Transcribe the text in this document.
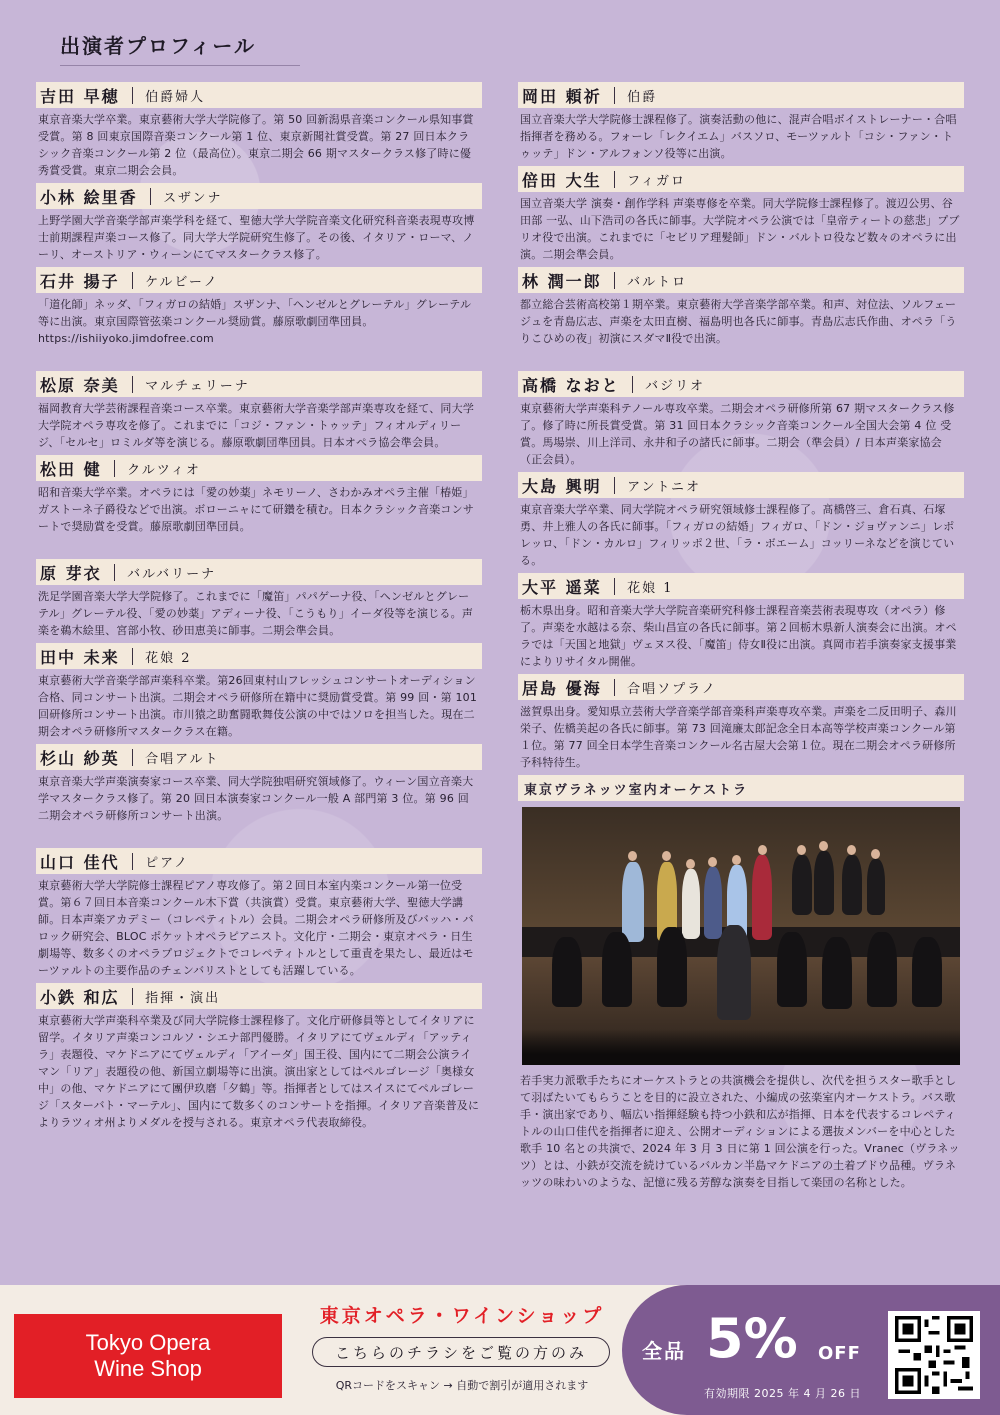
出演者プロフィール
吉田 早穂 伯爵婦人
東京音楽大学卒業。東京藝術大学大学院修了。第 50 回新潟県音楽コンクール県知事賞受賞。第 8 回東京国際音楽コンクール第 1 位、東京新聞社賞受賞。第 27 回日本クラシック音楽コンクール第 2 位（最高位）。東京二期会 66 期マスタークラス修了時に優秀賞受賞。東京二期会会員。
小林 絵里香 スザンナ
上野学園大学音楽学部声楽学科を経て、聖徳大学大学院音楽文化研究科音楽表現専攻博士前期課程声楽コース修了。同大学大学院研究生修了。その後、イタリア・ローマ、ノーリ、オーストリア・ウィーンにてマスタークラス修了。
石井 揚子 ケルビーノ
「道化師」ネッダ、「フィガロの結婚」スザンナ、「ヘンゼルとグレーテル」グレーテル等に出演。東京国際管弦楽コンクール奨励賞。藤原歌劇団準団員。https://ishiiyoko.jimdofree.com
松原 奈美 マルチェリーナ
福岡教育大学芸術課程音楽コース卒業。東京藝術大学音楽学部声楽専攻を経て、同大学大学院オペラ専攻を修了。これまでに「コジ・ファン・トゥッテ」フィオルディリージ、「セルセ」ロミルダ等を演じる。藤原歌劇団準団員。日本オペラ協会準会員。
松田 健 クルツィオ
昭和音楽大学卒業。オペラには「愛の妙薬」ネモリーノ、さわかみオペラ主催「椿姫」ガストーネ子爵役などで出演。ボローニャにて研鑽を積む。日本クラシック音楽コンサートで奨励賞を受賞。藤原歌劇団準団員。
原 芽衣 バルバリーナ
洗足学園音楽大学大学院修了。これまでに「魔笛」パパゲーナ役、「ヘンゼルとグレーテル」グレーテル役、「愛の妙薬」アディーナ役、「こうもり」イーダ役等を演じる。声楽を鵜木絵里、宮部小牧、砂田恵美に師事。二期会準会員。
田中 未来 花娘 2
東京藝術大学音楽学部声楽科卒業。第26回東村山フレッシュコンサートオーディション合格、同コンサート出演。二期会オペラ研修所在籍中に奨励賞受賞。第 99 回・第 101 回研修所コンサート出演。市川猿之助奮闘歌舞伎公演の中ではソロを担当した。現在二期会オペラ研修所マスタークラス在籍。
杉山 紗英 合唱アルト
東京音楽大学声楽演奏家コース卒業、同大学院独唱研究領域修了。ウィーン国立音楽大学マスタークラス修了。第 20 回日本演奏家コンクール一般 A 部門第 3 位。第 96 回二期会オペラ研修所コンサート出演。
山口 佳代 ピアノ
東京藝術大学大学院修士課程ピアノ専攻修了。第２回日本室内楽コンクール第一位受賞。第６７回日本音楽コンクール木下賞（共演賞）受賞。東京藝術大学、聖徳大学講師。日本声楽アカデミー（コレペティトル）会員。二期会オペラ研修所及びバッハ・バロック研究会、BLOC ポケットオペラピアニスト。文化庁・二期会・東京オペラ・日生劇場等、数多くのオペラプロジェクトでコレペティトルとして重責を果たし、最近はモーツァルトの主要作品のチェンバリストとしても活躍している。
小鉄 和広 指揮・演出
東京藝術大学声楽科卒業及び同大学院修士課程修了。文化庁研修員等としてイタリアに留学。イタリア声楽コンコルソ・シエナ部門優勝。イタリアにてヴェルディ「アッティラ」表題役、マケドニアにてヴェルディ「アイーダ」国王役、国内にて二期会公演ライマン「リア」表題役の他、新国立劇場等に出演。演出家としてはペルゴレージ「奥様女中」の他、マケドニアにて團伊玖磨「夕鶴」等。指揮者としてはスイスにてペルゴレージ「スターバト・マーテル」、国内にて数多くのコンサートを指揮。イタリア音楽普及によりラツィオ州よりメダルを授与される。東京オペラ代表取締役。
岡田 頼祈 伯爵
国立音楽大学大学院修士課程修了。演奏活動の他に、混声合唱ボイストレーナー・合唱指揮者を務める。フォーレ「レクイエム」バスソロ、モーツァルト「コシ・ファン・トゥッテ」ドン・アルフォンソ役等に出演。
倍田 大生 フィガロ
国立音楽大学 演奏・創作学科 声楽専修を卒業。同大学院修士課程修了。渡辺公男、谷田部 一弘、山下浩司の各氏に師事。大学院オペラ公演では「皇帝ティートの慈悲」プブリオ役で出演。これまでに「セビリア理髪師」ドン・バルトロ役など数々のオペラに出演。二期会準会員。
林 潤一郎 バルトロ
都立総合芸術高校第１期卒業。東京藝術大学音楽学部卒業。和声、対位法、ソルフェージュを青島広志、声楽を太田直樹、福島明也各氏に師事。青島広志氏作曲、オペラ「うりこひめの夜」初演にスダマⅡ役で出演。
高橋 なおと バジリオ
東京藝術大学声楽科テノール専攻卒業。二期会オペラ研修所第 67 期マスタークラス修了。修了時に所長賞受賞。第 31 回日本クラシック音楽コンクール全国大会第 4 位 受賞。馬場崇、川上洋司、永井和子の諸氏に師事。二期会（準会員）/ 日本声楽家協会（正会員）。
大島 興明 アントニオ
東京音楽大学卒業、同大学院オペラ研究領域修士課程修了。髙橋啓三、倉石真、石塚勇、井上雅人の各氏に師事。「フィガロの結婚」フィガロ、「ドン・ジョヴァンニ」レポレッロ、「ドン・カルロ」フィリッポ２世、「ラ・ボエーム」コッリーネなどを演じている。
大平 遥菜 花娘 1
栃木県出身。昭和音楽大学大学院音楽研究科修士課程音楽芸術表現専攻（オペラ）修了。声楽を水越はる奈、柴山昌宣の各氏に師事。第２回栃木県新人演奏会に出演。オペラでは「天国と地獄」ヴェヌス役、「魔笛」侍女Ⅱ役に出演。真岡市若手演奏家支援事業によりリサイタル開催。
居島 優海 合唱ソプラノ
滋賀県出身。愛知県立芸術大学音楽学部音楽科声楽専攻卒業。声楽を二反田明子、森川栄子、佐橋美起の各氏に師事。第 73 回滝廉太郎記念全日本高等学校声楽コンクール第１位。第 77 回全日本学生音楽コンクール名古屋大会第１位。現在二期会オペラ研修所予科特待生。
東京ヴラネッツ室内オーケストラ
若手実力派歌手たちにオーケストラとの共演機会を提供し、次代を担うスター歌手として羽ばたいてもらうことを目的に設立された、小編成の弦楽室内オーケストラ。バス歌手・演出家であり、幅広い指揮経験も持つ小鉄和広が指揮、日本を代表するコレペティトルの山口佳代を指揮者に迎え、公開オーディションによる選抜メンバーを中心とした歌手 10 名との共演で、2024 年 3 月 3 日に第 1 回公演を行った。Vranec（ヴラネッツ）とは、小鉄が交流を続けているバルカン半島マケドニアの土着ブドウ品種。ヴラネッツの味わいのような、記憶に残る芳醇な演奏を目指して楽団の名称とした。
Tokyo Opera
Wine Shop
東京オペラ・ワインショップ
こちらのチラシをご覧の方のみ
QRコードをスキャン → 自動で割引が適用されます
全品 5% OFF
有効期限 2025 年 4 月 26 日
